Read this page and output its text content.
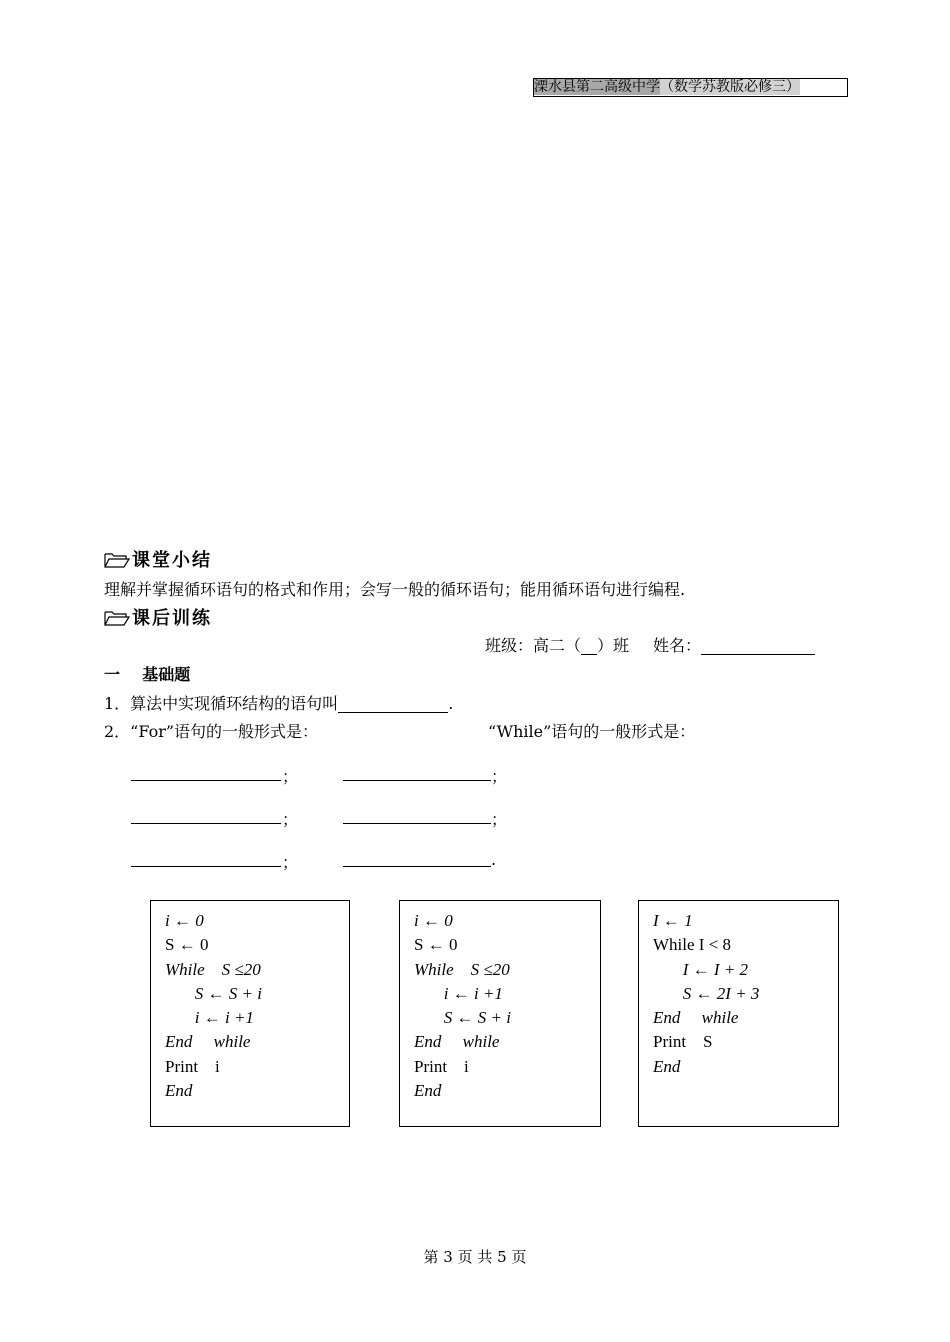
溧水县第二高级中学（数学苏教版必修三）
课堂小结
理解并掌握循环语句的格式和作用；会写一般的循环语句；能用循环语句进行编程.
课后训练
班级：高二（ ）班 姓名：
一    基础题
1．算法中实现循环结构的语句叫	.
2．“For”语句的一般形式是：	“While”语句的一般形式是：
；	；
；	；
；	.
i ← 0
S ← 0
While    S ≤20
S ← S + i
i ← i +1
End     while
Print    i
End
i ← 0
S ← 0
While    S ≤20
i ← i +1
S ← S + i
End     while
Print    i
End
I ← 1
While I < 8
I ← I + 2
S ← 2I + 3
End     while
Print    S
End
第 3 页 共 5 页
